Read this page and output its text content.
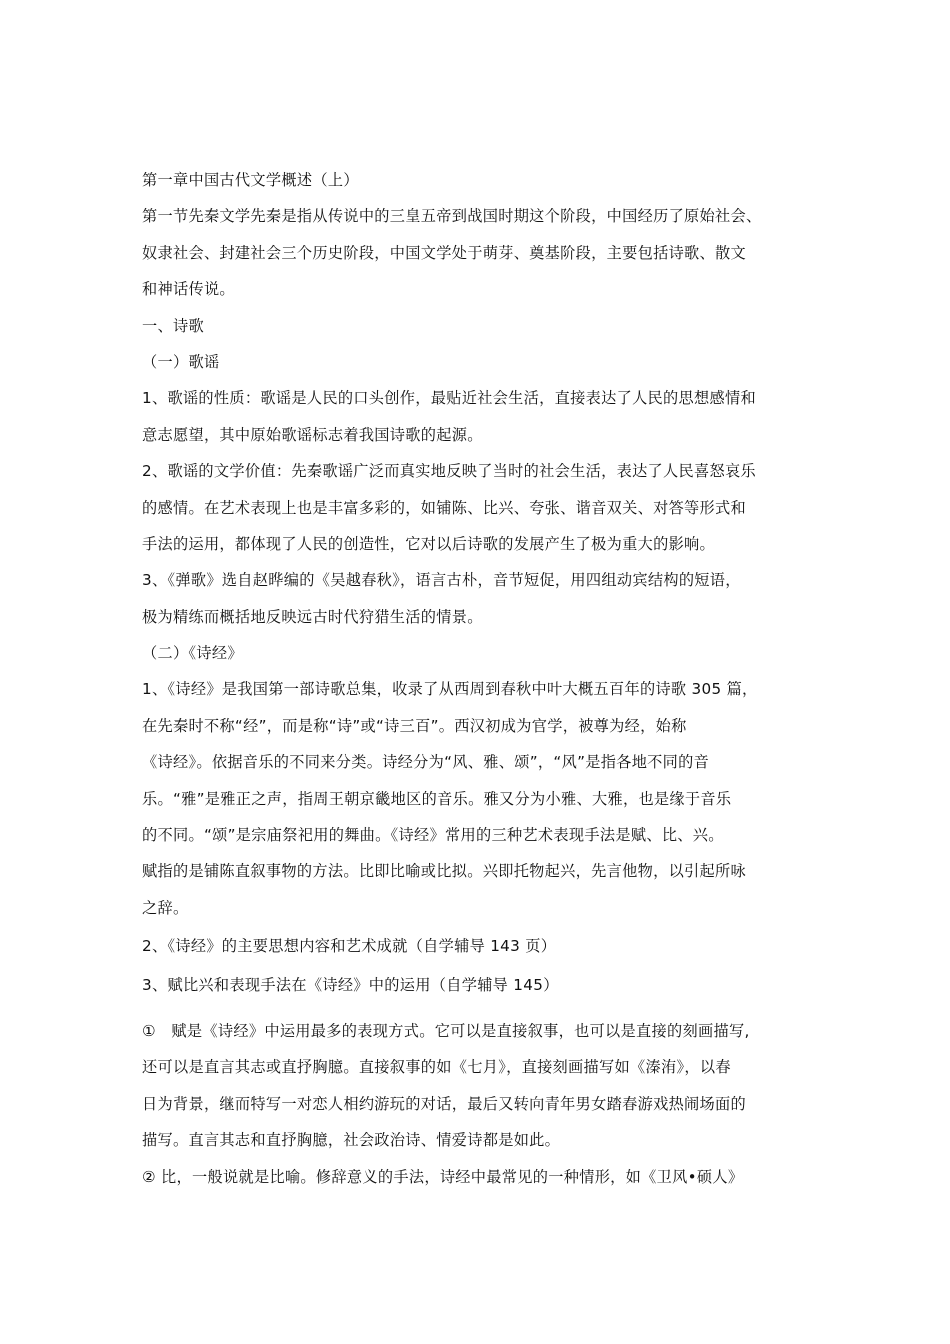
第一章中国古代文学概述（上）
第一节先秦文学先秦是指从传说中的三皇五帝到战国时期这个阶段，中国经历了原始社会、
奴隶社会、封建社会三个历史阶段，中国文学处于萌芽、奠基阶段，主要包括诗歌、散文
和神话传说。
一、诗歌
（一）歌谣
1、歌谣的性质：歌谣是人民的口头创作，最贴近社会生活，直接表达了人民的思想感情和
意志愿望，其中原始歌谣标志着我国诗歌的起源。
2、歌谣的文学价值：先秦歌谣广泛而真实地反映了当时的社会生活，表达了人民喜怒哀乐
的感情。在艺术表现上也是丰富多彩的，如铺陈、比兴、夸张、谐音双关、对答等形式和
手法的运用，都体现了人民的创造性，它对以后诗歌的发展产生了极为重大的影响。
3、《弹歌》选自赵晔编的《吴越春秋》，语言古朴，音节短促，用四组动宾结构的短语，
极为精练而概括地反映远古时代狩猎生活的情景。
（二）《诗经》
1、《诗经》是我国第一部诗歌总集，收录了从西周到春秋中叶大概五百年的诗歌 305 篇，
在先秦时不称“经”，而是称“诗”或“诗三百”。西汉初成为官学，被尊为经，始称
《诗经》。依据音乐的不同来分类。诗经分为“风、雅、颂”，“风”是指各地不同的音
乐。“雅”是雅正之声，指周王朝京畿地区的音乐。雅又分为小雅、大雅，也是缘于音乐
的不同。“颂”是宗庙祭祀用的舞曲。《诗经》常用的三种艺术表现手法是赋、比、兴。
赋指的是铺陈直叙事物的方法。比即比喻或比拟。兴即托物起兴，先言他物，以引起所咏
之辞。
2、《诗经》的主要思想内容和艺术成就（自学辅导 143 页）
3、赋比兴和表现手法在《诗经》中的运用（自学辅导 145）
①　赋是《诗经》中运用最多的表现方式。它可以是直接叙事，也可以是直接的刻画描写,
还可以是直言其志或直抒胸臆。直接叙事的如《七月》，直接刻画描写如《溱洧》，以春
日为背景，继而特写一对恋人相约游玩的对话，最后又转向青年男女踏春游戏热闹场面的
描写。直言其志和直抒胸臆，社会政治诗、情爱诗都是如此。
② 比，一般说就是比喻。修辞意义的手法，诗经中最常见的一种情形，如《卫风•硕人》
